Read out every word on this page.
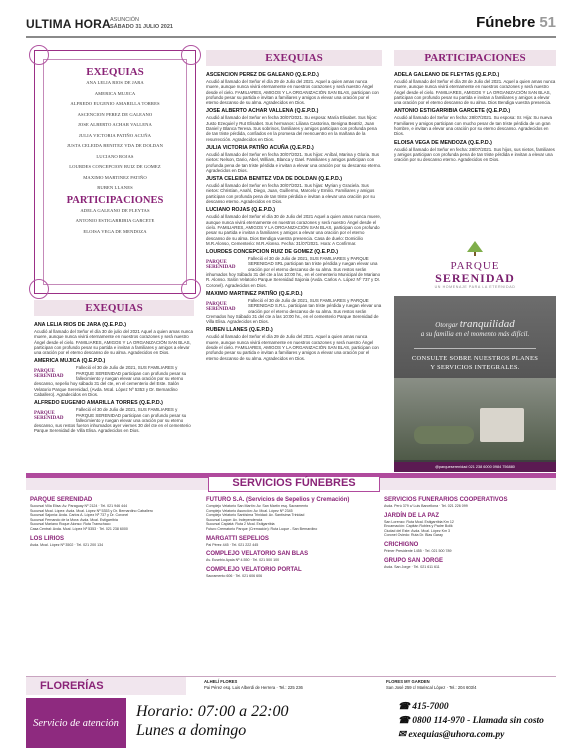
ULTIMA HORA ASUNCIÓN
SÁBADO 31 JULIO 2021	Fúnebre 51
EXEQUIAS
ANA LELIA RIOS DE JARA
AMERICA MUJICA
ALFREDO EUGENIO AMARILLA TORRES
ASCENCION PEREZ DE GALEANO
JOSE ALBERTO ACHAR VALLENA
JULIA VICTORIA PATIÑO ACUÑA
JUSTA CELEIDA BENITEZ VDA DE DOLDAN
LUCIANO ROJAS
LOURDES CONCEPCION RUIZ DE GOMEZ
MAXIMO MARTINEZ PATIÑO
RUBEN LLANES
PARTICIPACIONES
ADELA GALEANO DE FLEYTAS
ANTONIO ESTIGARRIBIA GARCETE
ELOISA VEGA DE MENDOZA
EXEQUIAS

ANA LELIA RIOS DE JARA (Q.E.P.D.)
Acudió al llamado del Señor el día 30 de julio del 2021 Aquel a quien amas nunca muere, aunque nunca vivirá eternamente en nuestros corazones y será nuestro Ángel desde el cielo. FAMILIARES, AMIGOS Y LA ORGANIZACIÓN SAN BLAS, participan con profundo pesar su partida e invitan a familiares y amigos a elevar una oración por el eterno descanso de su alma. Agradecidos en Dios.

AMERICA MUJICA (Q.E.P.D.)

PARQUE
SERENIDAD
Falleció el 30 de Julio de 2021, SUS FAMILIARES y PARQUE SERENIDAD participan con profundo pesar su fallecimiento y ruegan elevar una oración por su eterno descanso, sepelio hoy sábado 31 del cte, en el cementerio del Este. Salón Velatorio Parque Serenidad, (Avda. Mcal. López Nº 5353 y Dr. Bernardino Caballero). Agradecidos en Dios.

ALFREDO EUGENIO AMARILLA TORRES (Q.E.P.D.)

PARQUE
SERENIDAD
Falleció el 30 de Julio de 2021, SUS FAMILIARES y PARQUE SERENIDAD participan con profundo pesar su fallecimiento y ruegan elevar una oración por su eterno descanso, sus restos fueron inhumados ayer viernes 30 del cte en el cementerio Parque Serenidad de Villa Elisa. Agradecidos en Dios.

EXEQUIAS

ASCENCION PEREZ DE GALEANO (Q.E.P.D.)
Acudió al llamado del Señor el día 29 de Julio del 2021. Aquel a quien amas nunca muere, aunque nunca vivirá eternamente en nuestros corazones y será nuestro Ángel desde el cielo. FAMILIARES, AMIGOS Y LA ORGANIZACIÓN SAN BLAS, participan con profundo pesar su partida e invitan a familiares y amigos a elevar una oración por el eterno descanso de su alma. Agradecidos en Dios.

JOSE ALBERTO ACHAR VALLENA (Q.E.P.D.)
Acudió al llamado del Señor en fecha 30/07/2021. Su esposa: María Elisabet. Sus hijos: Justo Ezequiel y Rut Elisabet. Sus hermanos: Liliana Castorina, Benigna Beatriz, Juan Daniel y Blanca Teresa. Sus sobrinos, familiares y amigos participan con profunda pena de tan triste pérdida, confiados en la promesa del reencuentro en la mañana de la resurrección. Agradecidos en Dios.

JULIA VICTORIA PATIÑO ACUÑA (Q.E.P.D.)
Acudió al llamado del Señor en fecha 30/07/2021. Sus hijos: Aníbal, Marina y Gloria. Sus nietos: Nelson, Dario, Abel, William, Blanca y Gael. Familiares y amigos participan con profunda pena de tan triste pérdida e invitan a elevar una oración por su descanso eterno. Agradecidos en Dios.

JUSTA CELEIDA BENITEZ VDA DE DOLDAN (Q.E.P.D.)
Acudió al llamado del Señor en fecha 30/07/2021. Sus hijas: Myrian y Graciela. Sus nietos: Christian, Anahí, Diego, Juan, Guillermo, Marcelo y Emilio. Familiares y amigos participan con profunda pena de tan triste pérdida e invitan a elevar una oración por su descanso eterno. Agradecidos en Dios.

LUCIANO ROJAS (Q.E.P.D.)
Acudió al llamado del Señor el día 30 de Julio del 2021 Aquel a quien amas nunca muere, aunque nunca vivirá eternamente en nuestros corazones y será nuestro Ángel desde el cielo. FAMILIARES, AMIGOS Y LA ORGANIZACIÓN SAN BLAS, participan con profundo pesar su partida e invitan a familiares y amigos a elevar una oración por el eterno descanso de su alma. Dios Bendiga vuestra presencia. Casa de duelo: Domicilio M.R.Alonso, Cementerio: M.R.Alonso. Fecha: 31/07/2021. Hora: A Confirmar.

LOURDES CONCEPCION RUIZ DE GOMEZ (Q.E.P.D.)

PARQUE
SERENIDAD
Falleció el 30 de Julio de 2021, SUS FAMILIARES y PARQUE SERENIDAD SRL participan tan triste pérdida y ruegan elevar una oración por el eterno descanso de su alma. Sus restos serán inhumados hoy Sábado 31 del cte a las 10:00 hs., en el cementerio Municipal de Mariano R. Alonso. Salón Velatorio Parque Serenidad Sajonia (Avda. Carlos A. López Nº 737 y Dr. Coronel). Agradecidos en Dios.

MAXIMO MARTINEZ PATIÑO (Q.E.P.D.)

PARQUE
SERENIDAD
Falleció el 30 de Julio de 2021, SUS FAMILIARES y PARQUE SERENIDAD S.R.L. participan tan triste pérdida y ruegan elevar una oración por el eterno descanso de su alma. Sus restos serán Cremados hoy Sábado 31 del cte a las 10:00 hs., en el cementerio Parque Serenidad de Villa Elisa. Agradecidos en Dios.

RUBEN LLANES (Q.E.P.D.)
Acudió al llamado del Señor el día 29 de Julio del 2021. Aquel a quien amas nunca muere, aunque nunca vivirá eternamente en nuestros corazones y será nuestro Ángel desde el cielo. FAMILIARES, AMIGOS Y LA ORGANIZACIÓN SAN BLAS, participan con profundo pesar su partida e invitan a familiares y amigos a elevar una oración por el eterno descanso de su alma. Agradecidos en Dios.

PARTICIPACIONES

ADELA GALEANO DE FLEYTAS (Q.E.P.D.)
Acudió al llamado del Señor el día 28 de Julio del 2021. Aquel a quien amas nunca muere, aunque nunca vivirá eternamente en nuestros corazones y será nuestro Ángel desde el cielo. FAMILIARES, AMIGOS Y LA ORGANIZACIÓN SAN BLAS, participan con profundo pesar su partida e invitan a familiares y amigos a elevar una oración por el eterno descanso de su alma. Dios Bendiga vuestra presencia.

ANTONIO ESTIGARRIBIA GARCETE (Q.E.P.D.)
Acudió al llamado del Señor en fecha: 28/07/2021. Su esposa: Sr. Hija: Su nueva Familiares y amigos participan con mucho pesar de tan triste pérdida de un gran hombre, e invitan a elevar una oración por su eterno descanso. Agradecidos en Dios.

ELOISA VEGA DE MENDOZA (Q.E.P.D.)
Acudió al llamado del Señor en fecha: 28/07/2021. Sus hijos, sus nietos, familiares y amigos participan con profunda pena de tan triste pérdida e invitan a elevar una oración por su descanso eterno. Agradecidos en Dios.

PARQUE
SERENIDAD
UN HOMENAJE PARA LA ETERNIDAD
Otorgar tranquilidad
a su familia en el momento más difícil.
CONSULTE SOBRE NUESTROS PLANES Y SERVICIOS INTEGRALES.
@parqueserenidad 021 238 6000 0984 756880
SERVICIOS FÚNEBRES
PARQUE SERENIDAD
Sucursal Villa Elisa: Av. Paraguay Nº 2124 · Tel. 021 946 444
Sucursal Mcal. López: Avda. Mcal. López Nº 5353 y Dr. Bernardino Caballero
Sucursal Sajonia: Avda. Carlos A. López Nº 737 y Dr. Coronel
Sucursal Fernando de la Mora: Avda. Mcal. Estigarribia
Sucursal Mariano Roque Alonso: Ruta Transchaco
Casa Central: Avda. Mcal. López Nº 5353 · Tel. 021 238 6000
LOS LIRIOS
Avda. Mcal. López Nº 3502 · Tel. 021 200 134
FUTURO S.A. (Servicios de Sepelios y Cremación)
Complejo Velatorio San Martín: Av. San Martín esq. Sacramento
Complejo Velatorio Asunción: Av. Mcal. López Nº 2345
Complejo Velatorio Santísima Trinidad: Av. Santísima Trinidad
Sucursal Luque: Av. Independencia
Sucursal Capiatá: Ruta 2 Mcal. Estigarribia
Futuro Crematorio Parque (Cremación): Ruta Luque - San Bernardino
MARGATTI SEPELIOS
Pai Pérez 445 · Tel. 021 222 445
COMPLEJO VELATORIO SAN BLAS
Av. Eusebio Ayala Nº 4.550 · Tel. 021 500 100
COMPLEJO VELATORIO PORTAL
Sacramento 606 · Tel. 021 606 606
SERVICIOS FUNERARIOS COOPERATIVOS
Avda. Perú 379 c/ Luis Barcellona · Tel. 021 226 099
JARDÍN DE LA PAZ
San Lorenzo: Ruta Mcal. Estigarribia Km 12
Encarnación: Capitán Robles y Padre Bolik
Ciudad del Este: Avda. Mcal. López Km 3
Coronel Oviedo: Ruta Dr. Blas Garay
CRICHIGNO
Primer Presidente 1455 · Tel. 021 500 789
GRUPO SAN JORGE
Avda. San Jorge · Tel. 021 611 611
FLORERÍAS	ALHELÍ FLORES
Pai Pérez esq. Luis Alberdi de Herrera · Tel.: 225 236
FLORES MY GARDEN
San José 259 c/ Mariscal López · Tel.: 204 603/4
Servicio de atención
Horario: 07:00 a 22:00
Lunes a domingo
☎ 415-7000
☎ 0800 114-970 - Llamada sin costo
✉ exequias@uhora.com.py
